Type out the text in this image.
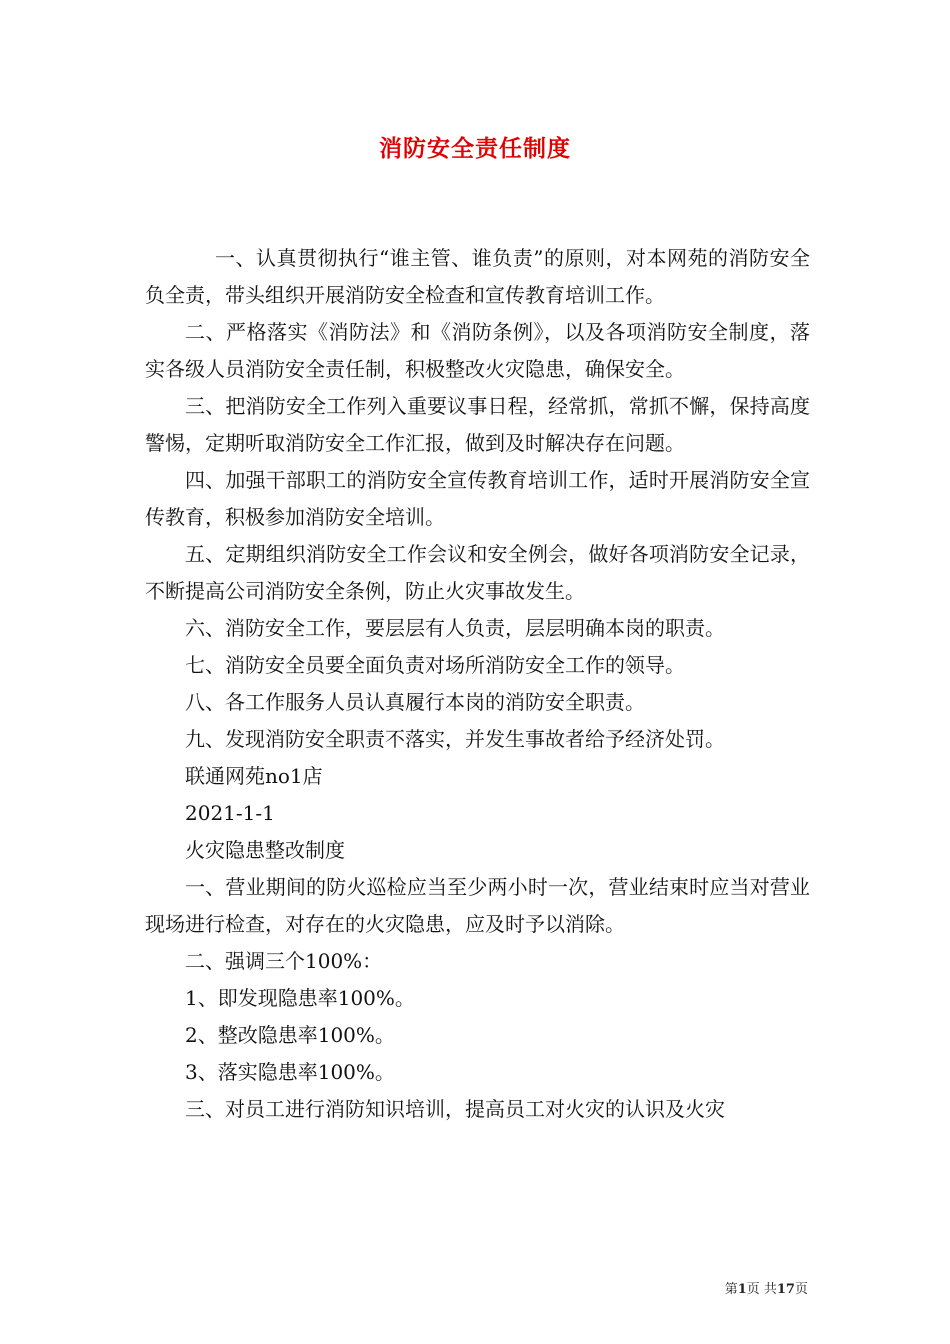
消防安全责任制度

一、认真贯彻执行“谁主管、谁负责”的原则，对本网苑的消防安全负全责，带头组织开展消防安全检查和宣传教育培训工作。

二、严格落实《消防法》和《消防条例》，以及各项消防安全制度，落实各级人员消防安全责任制，积极整改火灾隐患，确保安全。

三、把消防安全工作列入重要议事日程，经常抓，常抓不懈，保持高度警惕，定期听取消防安全工作汇报，做到及时解决存在问题。

四、加强干部职工的消防安全宣传教育培训工作，适时开展消防安全宣传教育，积极参加消防安全培训。

五、定期组织消防安全工作会议和安全例会，做好各项消防安全记录，不断提高公司消防安全条例，防止火灾事故发生。

六、消防安全工作，要层层有人负责，层层明确本岗的职责。

七、消防安全员要全面负责对场所消防安全工作的领导。

八、各工作服务人员认真履行本岗的消防安全职责。

九、发现消防安全职责不落实，并发生事故者给予经济处罚。

联通网苑no1店

2021-1-1

火灾隐患整改制度

一、营业期间的防火巡检应当至少两小时一次，营业结束时应当对营业现场进行检查，对存在的火灾隐患，应及时予以消除。

二、强调三个100%：

1、即发现隐患率100%。

2、整改隐患率100%。

3、落实隐患率100%。

三、对员工进行消防知识培训，提高员工对火灾的认识及火灾

第1页 共17页
